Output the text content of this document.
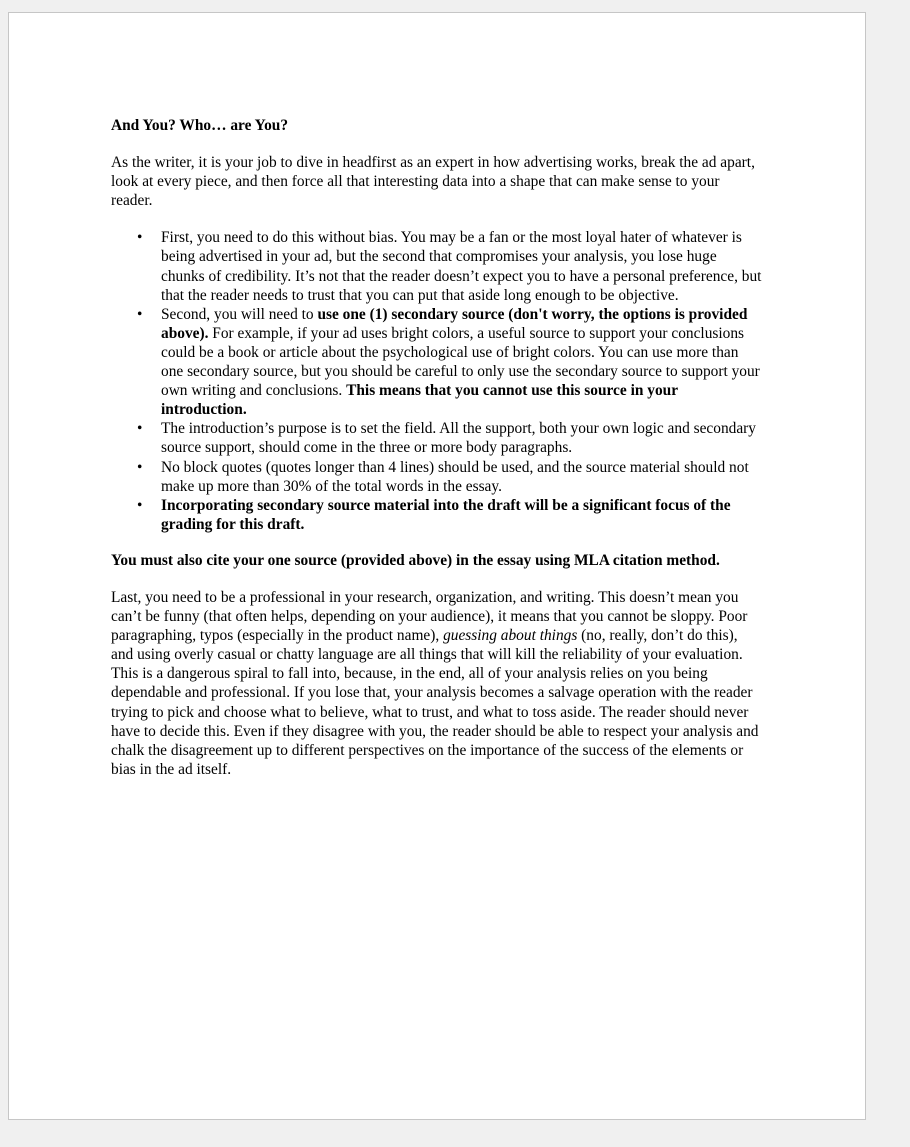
And You? Who… are You?

As the writer, it is your job to dive in headfirst as an expert in how advertising works, break the ad apart, look at every piece, and then force all that interesting data into a shape that can make sense to your reader.

• First, you need to do this without bias. You may be a fan or the most loyal hater of whatever is being advertised in your ad, but the second that compromises your analysis, you lose huge chunks of credibility. It’s not that the reader doesn’t expect you to have a personal preference, but that the reader needs to trust that you can put that aside long enough to be objective.
• Second, you will need to use one (1) secondary source (don't worry, the options is provided above). For example, if your ad uses bright colors, a useful source to support your conclusions could be a book or article about the psychological use of bright colors. You can use more than one secondary source, but you should be careful to only use the secondary source to support your own writing and conclusions. This means that you cannot use this source in your introduction.
• The introduction’s purpose is to set the field. All the support, both your own logic and secondary source support, should come in the three or more body paragraphs.
• No block quotes (quotes longer than 4 lines) should be used, and the source material should not make up more than 30% of the total words in the essay.
• Incorporating secondary source material into the draft will be a significant focus of the grading for this draft.

You must also cite your one source (provided above) in the essay using MLA citation method.

Last, you need to be a professional in your research, organization, and writing. This doesn’t mean you can’t be funny (that often helps, depending on your audience), it means that you cannot be sloppy. Poor paragraphing, typos (especially in the product name), guessing about things (no, really, don’t do this), and using overly casual or chatty language are all things that will kill the reliability of your evaluation. This is a dangerous spiral to fall into, because, in the end, all of your analysis relies on you being dependable and professional. If you lose that, your analysis becomes a salvage operation with the reader trying to pick and choose what to believe, what to trust, and what to toss aside. The reader should never have to decide this. Even if they disagree with you, the reader should be able to respect your analysis and chalk the disagreement up to different perspectives on the importance of the success of the elements or bias in the ad itself.
